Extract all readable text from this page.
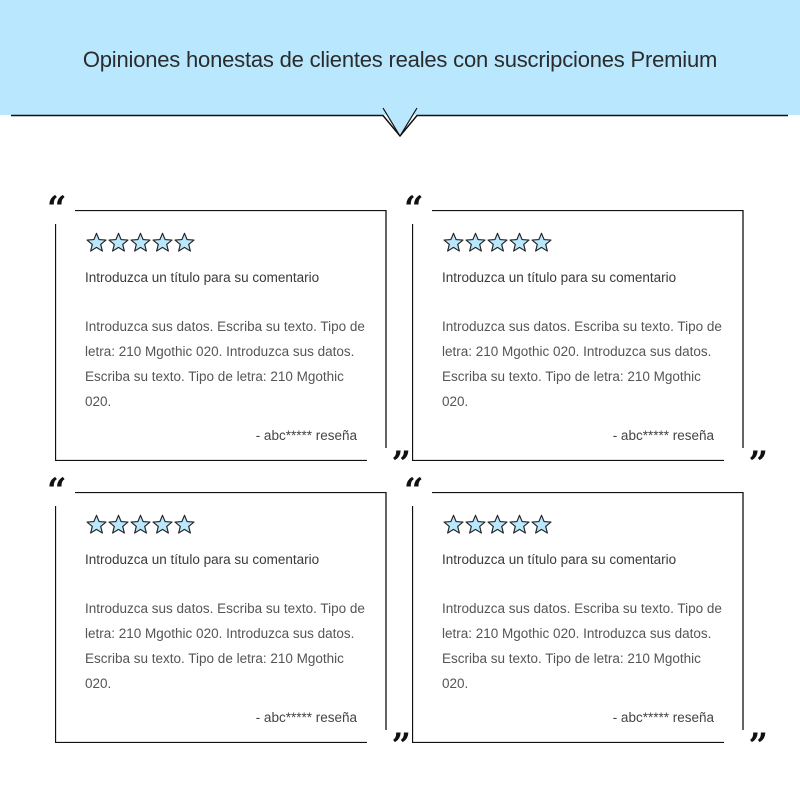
Opiniones honestas de clientes reales con suscripciones Premium
“
”
Introduzca un título para su comentario
Introduzca sus datos. Escriba su texto. Tipo de letra: 210 Mgothic 020. Introduzca sus datos. Escriba su texto. Tipo de letra: 210 Mgothic 020.
- abc***** reseña
“
”
Introduzca un título para su comentario
Introduzca sus datos. Escriba su texto. Tipo de letra: 210 Mgothic 020. Introduzca sus datos. Escriba su texto. Tipo de letra: 210 Mgothic 020.
- abc***** reseña
“
”
Introduzca un título para su comentario
Introduzca sus datos. Escriba su texto. Tipo de letra: 210 Mgothic 020. Introduzca sus datos. Escriba su texto. Tipo de letra: 210 Mgothic 020.
- abc***** reseña
“
”
Introduzca un título para su comentario
Introduzca sus datos. Escriba su texto. Tipo de letra: 210 Mgothic 020. Introduzca sus datos. Escriba su texto. Tipo de letra: 210 Mgothic 020.
- abc***** reseña
